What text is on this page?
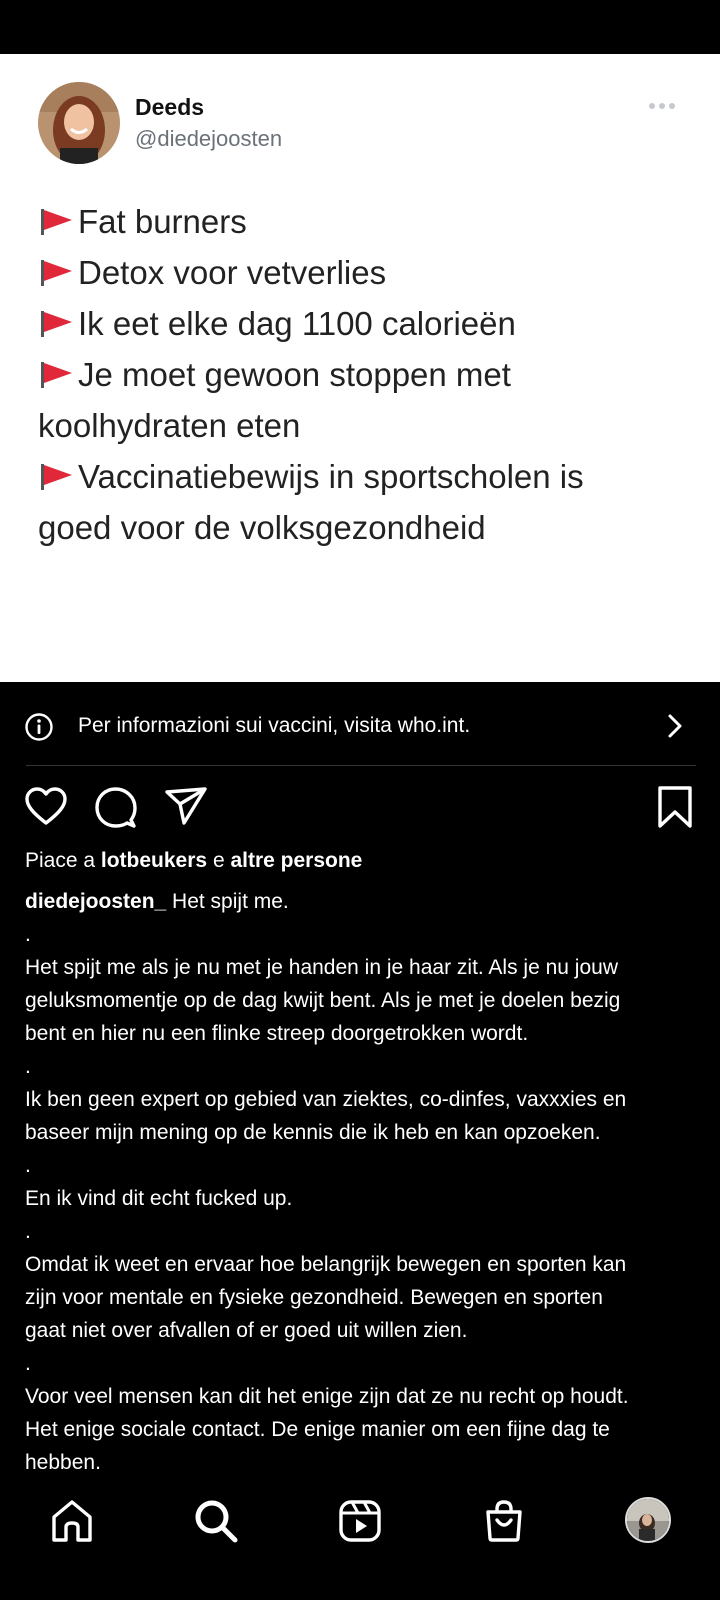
Deeds
@diedejoosten
Fat burners
Detox voor vetverlies
Ik eet elke dag 1100 calorieën
Je moet gewoon stoppen met
koolhydraten eten
Vaccinatiebewijs in sportscholen is
goed voor de volksgezondheid
Per informazioni sui vaccini, visita who.int.
Piace a lotbeukers e altre persone

diedejoosten_ Het spijt me.

.

Het spijt me als je nu met je handen in je haar zit. Als je nu jouw

geluksmomentje op de dag kwijt bent. Als je met je doelen bezig

bent en hier nu een flinke streep doorgetrokken wordt.

.

Ik ben geen expert op gebied van ziektes, co-dinfes, vaxxxies en

baseer mijn mening op de kennis die ik heb en kan opzoeken.

.

En ik vind dit echt fucked up.

.

Omdat ik weet en ervaar hoe belangrijk bewegen en sporten kan

zijn voor mentale en fysieke gezondheid. Bewegen en sporten

gaat niet over afvallen of er goed uit willen zien.

.

Voor veel mensen kan dit het enige zijn dat ze nu recht op houdt.

Het enige sociale contact. De enige manier om een fijne dag te

hebben.
